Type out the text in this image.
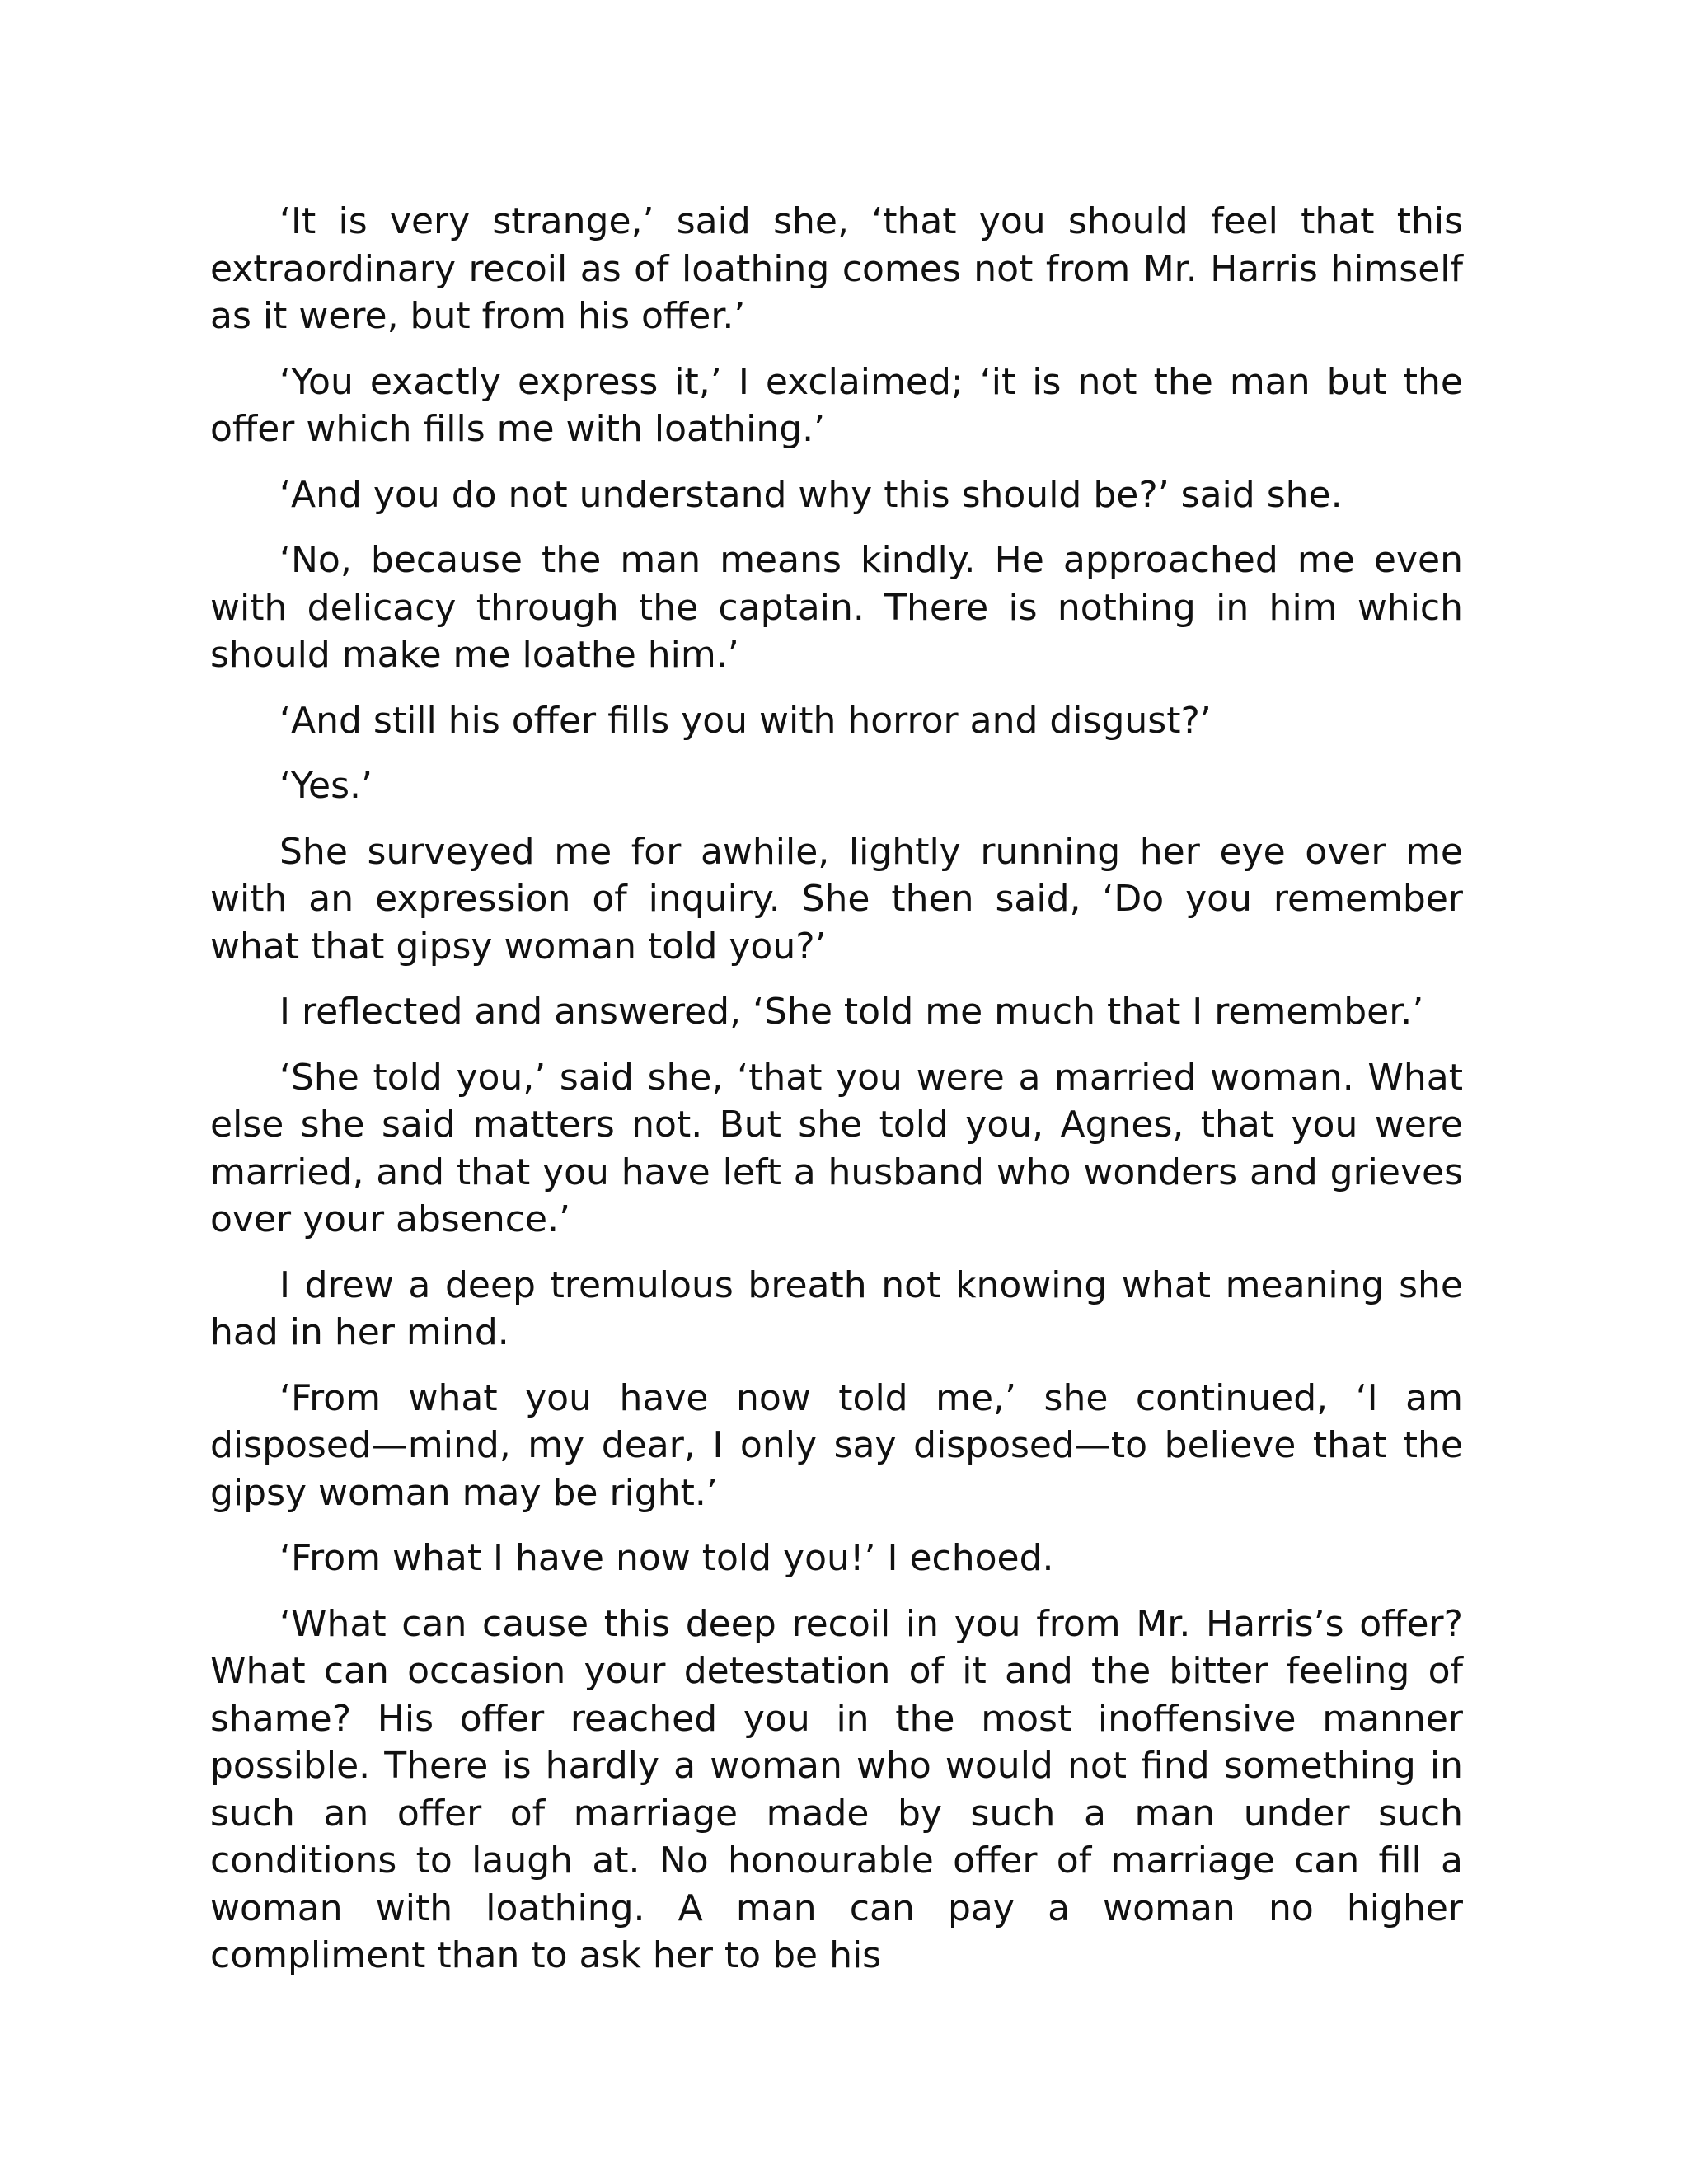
‘It is very strange,’ said she, ‘that you should feel that this extraordinary recoil as of loathing comes not from Mr. Harris himself as it were, but from his offer.’

‘You exactly express it,’ I exclaimed; ‘it is not the man but the offer which fills me with loathing.’

‘And you do not understand why this should be?’ said she.

‘No, because the man means kindly. He approached me even with delicacy through the captain. There is nothing in him which should make me loathe him.’

‘And still his offer fills you with horror and disgust?’

‘Yes.’

She surveyed me for awhile, lightly running her eye over me with an expression of inquiry. She then said, ‘Do you remember what that gipsy woman told you?’

I reflected and answered, ‘She told me much that I remember.’

‘She told you,’ said she, ‘that you were a married woman. What else she said matters not. But she told you, Agnes, that you were married, and that you have left a husband who wonders and grieves over your absence.’

I drew a deep tremulous breath not knowing what meaning she had in her mind.

‘From what you have now told me,’ she continued, ‘I am disposed—mind, my dear, I only say disposed—to believe that the gipsy woman may be right.’

‘From what I have now told you!’ I echoed.

‘What can cause this deep recoil in you from Mr. Harris’s offer? What can occasion your detestation of it and the bitter feeling of shame? His offer reached you in the most inoffensive manner possible. There is hardly a woman who would not find something in such an offer of marriage made by such a man under such conditions to laugh at. No honourable offer of marriage can fill a woman with loathing. A man can pay a woman no higher compliment than to ask her to be his
